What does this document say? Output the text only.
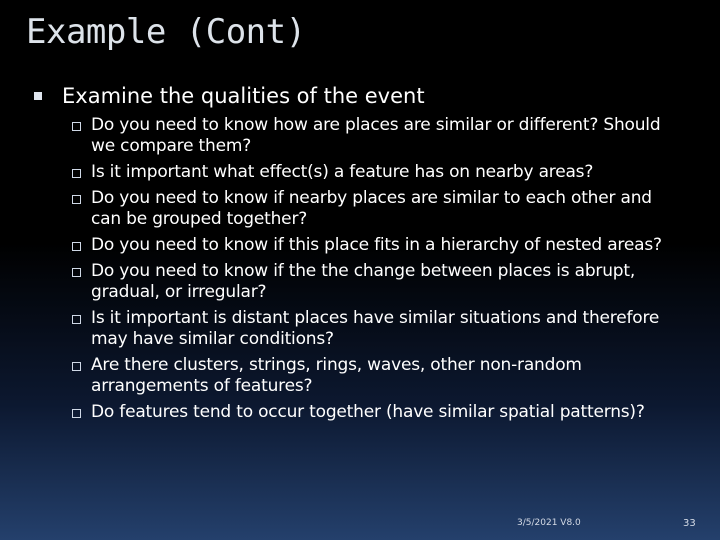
Example (Cont)
Examine the qualities of the event
Do you need to know how are places are similar or different? Should we compare them?
Is it important what effect(s) a feature has on nearby areas?
Do you need to know if nearby places are similar to each other and can be grouped together?
Do you need to know if this place fits in a hierarchy of nested areas?
Do you need to know if the the change between places is abrupt, gradual, or irregular?
Is it important is distant places have similar situations and therefore may have similar conditions?
Are there clusters, strings, rings, waves, other non-random arrangements of features?
Do features tend to occur together (have similar spatial patterns)?
3/5/2021 V8.0	33
